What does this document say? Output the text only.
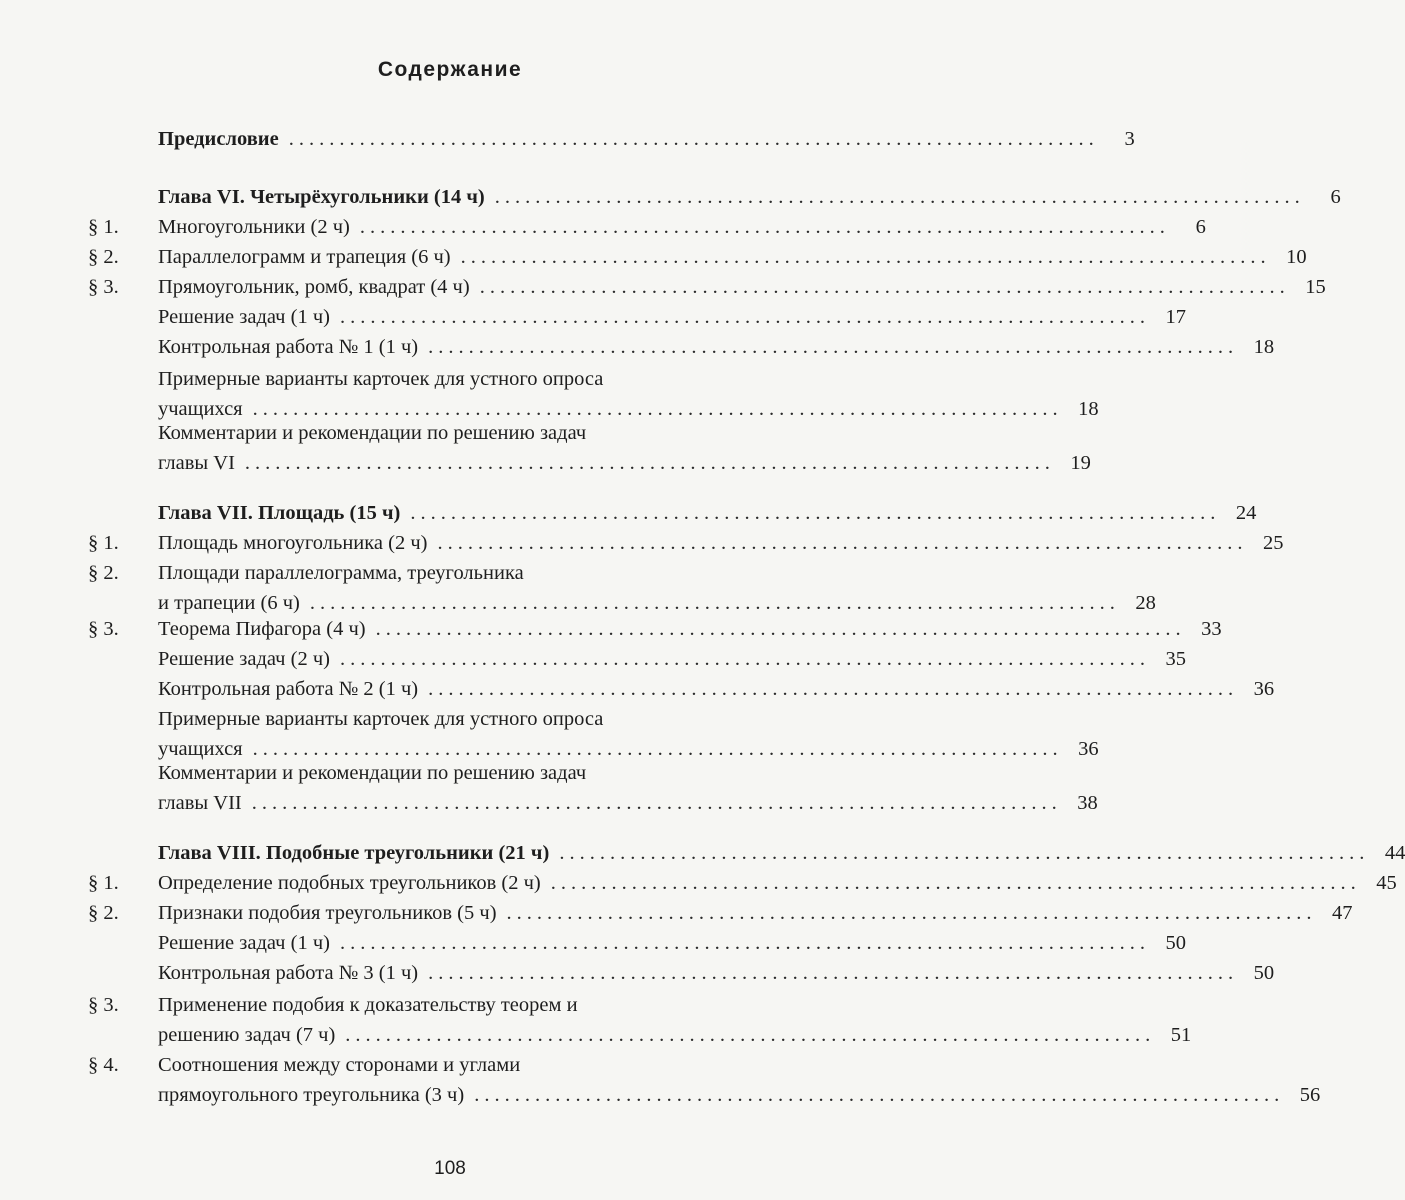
Содержание
Предисловие ................................................................................	3
Глава VI. Четырёхугольники (14 ч) ................................................................................	6
§ 1. Многоугольники (2 ч) ................................................................................	6
§ 2. Параллелограмм и трапеция (6 ч) ................................................................................ 10
§ 3. Прямоугольник, ромб, квадрат (4 ч) ................................................................................ 15
Решение задач (1 ч) ................................................................................ 17
Контрольная работа № 1 (1 ч) ................................................................................ 18
Примерные варианты карточек для устного опроса
учащихся ................................................................................ 18
Комментарии и рекомендации по решению задач
главы VI ................................................................................ 19
Глава VII. Площадь (15 ч) ................................................................................ 24
§ 1. Площадь многоугольника (2 ч) ................................................................................ 25
§ 2. Площади параллелограмма, треугольника
и трапеции (6 ч) ................................................................................ 28
§ 3. Теорема Пифагора (4 ч) ................................................................................ 33
Решение задач (2 ч) ................................................................................ 35
Контрольная работа № 2 (1 ч) ................................................................................ 36
Примерные варианты карточек для устного опроса
учащихся ................................................................................ 36
Комментарии и рекомендации по решению задач
главы VII ................................................................................ 38
Глава VIII. Подобные треугольники (21 ч) ................................................................................ 44
§ 1. Определение подобных треугольников (2 ч) ................................................................................ 45
§ 2. Признаки подобия треугольников (5 ч) ................................................................................ 47
Решение задач (1 ч) ................................................................................ 50
Контрольная работа № 3 (1 ч) ................................................................................ 50
§ 3. Применение подобия к доказательству теорем и
решению задач (7 ч) ................................................................................ 51
§ 4. Соотношения между сторонами и углами
прямоугольного треугольника (3 ч) ................................................................................ 56
108
